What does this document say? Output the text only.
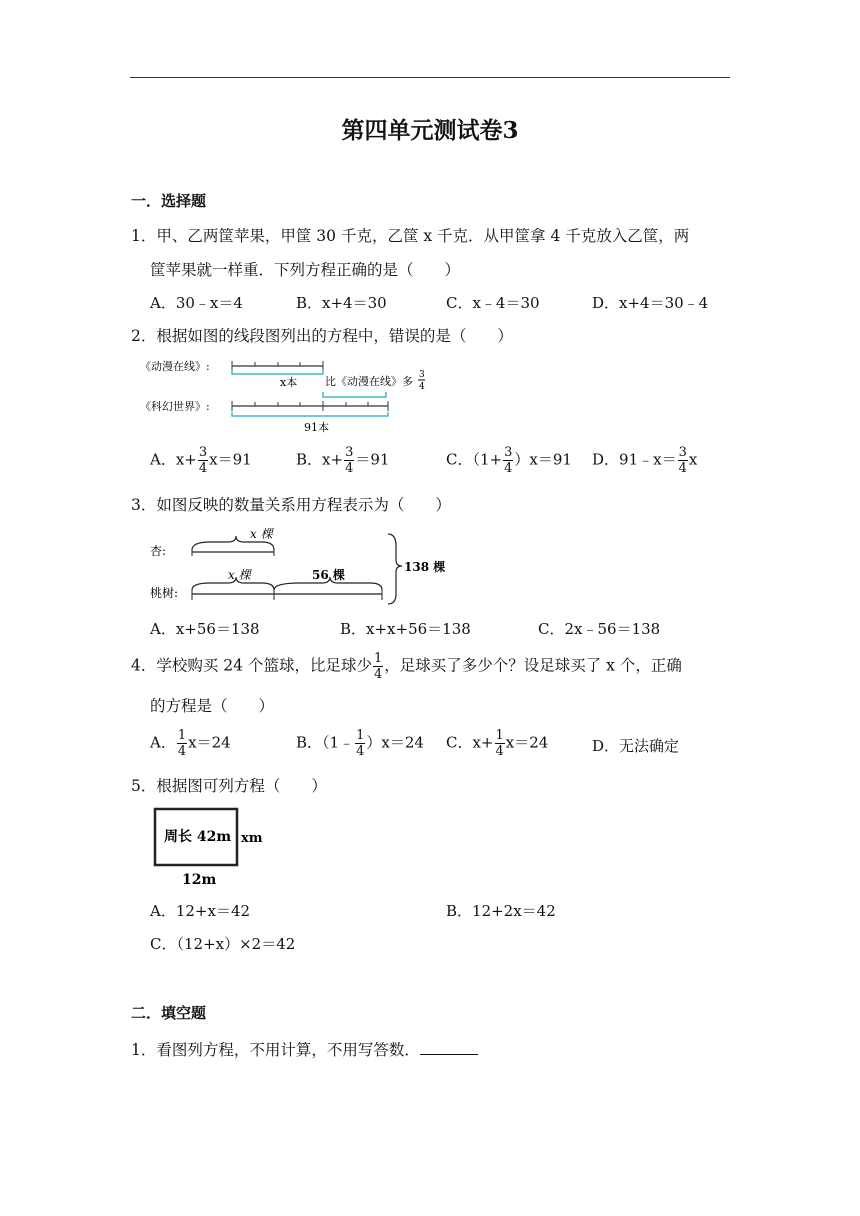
第四单元测试卷3
一．选择题
1．甲、乙两筐苹果，甲筐 30 千克，乙筐 x 千克．从甲筐拿 4 千克放入乙筐，两
筐苹果就一样重．下列方程正确的是（　　）
A．30﹣x＝4	B．x+4＝30	C．x﹣4＝30	D．x+4＝30﹣4
2．根据如图的线段图列出的方程中，错误的是（　　）
《动漫在线》:
x本	比《动漫在线》多 3
4
《科幻世界》:
91本
A．$x+ \frac{3}{4} x=91$	B．$x+ \frac{3}{4} =91$	C．$(1+ \frac{3}{4} )x=91$ D．91﹣x＝ $\frac{3}{4}$ x
3．如图反映的数量关系用方程表示为（　　）
x 棵
杏:
x 棵	56 棵
桃树:
138 棵
A．x+56＝138	B．x+x+56＝138	C．2x﹣56＝138
4．学校购买 24 个篮球，比足球少 $\frac{1}{4}$ ，足球买了多少个？设足球买了 x 个，正确
的方程是（　　）
A． $\frac{1}{4} x=24$	B．（1﹣ $\frac{1}{4} )x=24$ C．$x+ \frac{1}{4} x=24$	D．无法确定
5．根据图可列方程（　　）
周长 42m xm
12m
A．12+x＝42	B．12+2x＝42
C．（12+x）×2＝42
二．填空题
1．看图列方程，不用计算，不用写答数．
